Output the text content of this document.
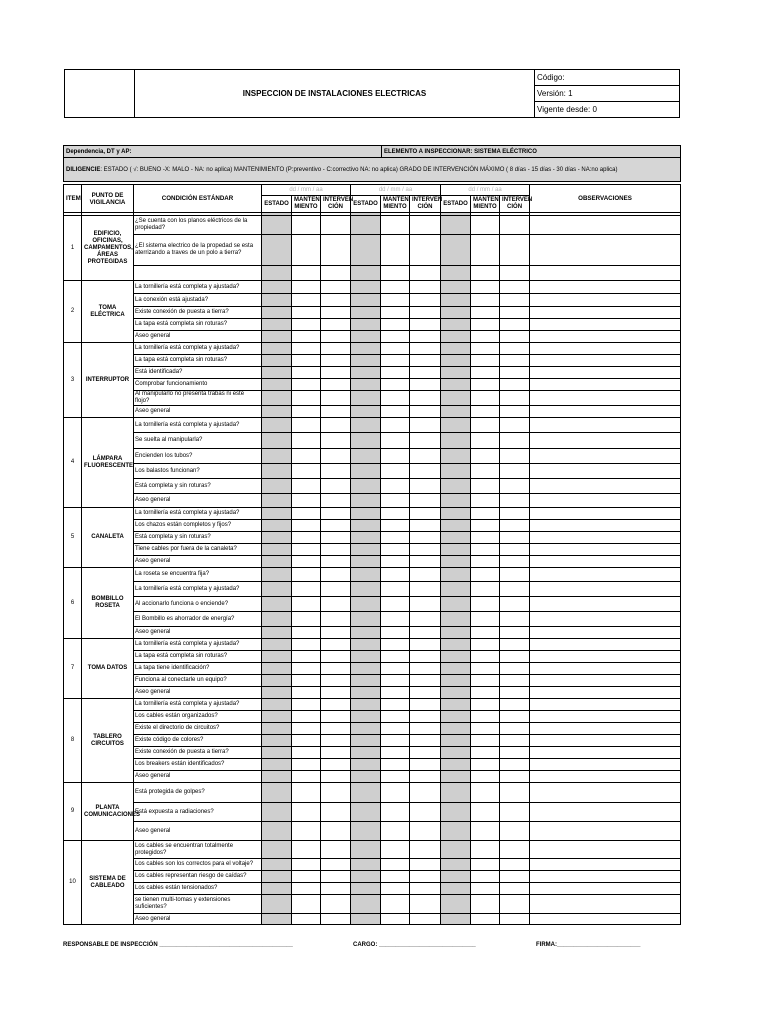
	INSPECCION DE INSTALACIONES ELECTRICAS	Código:
Versión: 1
Vigente desde: 0
Dependencia, DT y AP:	ELEMENTO A INSPECCIONAR: SISTEMA ELÉCTRICO
DILIGENCIE: ESTADO ( √: BUENO -X: MALO - NA: no aplica) MANTENIMIENTO (P:preventivo - C:correctivo NA: no aplica) GRADO DE INTERVENCIÓN MÁXIMO ( 8 días - 15 días - 30 días - NA:no aplica)
ITEM	PUNTO DE VIGILANCIA	CONDICIÓN ESTÁNDAR	dd / mm / aa			dd / mm / aa			dd / mm / aa			OBSERVACIONES
			ESTADO	MANTENI MIENTO	INTERVEN CIÓN	ESTADO	MANTENI MIENTO	INTERVEN CIÓN	ESTADO	MANTENI MIENTO	INTERVEN CIÓN	

1	EDIFICIO, OFICINAS, CAMPAMENTOS, ÁREAS PROTEGIDAS	¿Se cuenta con los planos eléctricos de la propiedad?										
		¿El sistema electrico de la propedad se esta aterrizando a traves de un polo a tierra?										

2	TOMA ELÉCTRICA	La tornillería está completa y ajustada?										
		La conexión está ajustada?										
		Existe conexión de puesta a tierra?										
		La tapa está completa sin roturas?										
		Aseo general										
3	INTERRUPTOR	La tornillería está completa y ajustada?										
		La tapa está completa sin roturas?										
		Está identificada?										
		Comprobar funcionamiento										
		Al manipularlo no presenta trabas ni esté flojo?										
		Aseo general										
4	LÁMPARA FLUORESCENTE	La tornillería está completa y ajustada?										
		Se suelta al manipularla?										
		Encienden los tubos?										
		Los balastos funcionan?										
		Está completa y sin roturas?										
		Aseo general										
5	CANALETA	La tornillería está completa y ajustada?										
		Los chazos están completos y fijos?										
		Está completa y sin roturas?										
		Tiene cables por fuera de la canaleta?										
		Aseo general										
6	BOMBILLO ROSETA	La roseta se encuentra fija?										
		La tornillería está completa y ajustada?										
		Al accionarlo funciona o enciende?										
		El Bombillo es ahorrador de energía?										
		Aseo general										
7	TOMA DATOS	La tornillería está completa y ajustada?										
		La tapa está completa sin roturas?										
		La tapa tiene identificación?										
		Funciona al conectarle un equipo?										
		Aseo general										
8	TABLERO CIRCUITOS	La tornillería está completa y ajustada?										
		Los cables están organizados?										
		Existe el directorio de circuitos?										
		Existe código de colores?										
		Existe conexión de puesta a tierra?										
		Los breakers están identificados?										
		Aseo general										
9	PLANTA COMUNICACIONES	Está protegida de golpes?										
		Está expuesta a radiaciones?										
		Aseo general										
10	SISTEMA DE CABLEADO	Los cables se encuentran totalmente protegidos?										
		Los cables son los correctos para el voltaje?										
		Los cables representan riesgo de caídas?										
		Los cables están tensionados?										
		se tienen multi-tomas y extensiones suficientes?										
		Aseo general										
RESPONSABLE DE INSPECCIÓN ________________________________________	CARGO: _____________________________	FIRMA:_________________________
